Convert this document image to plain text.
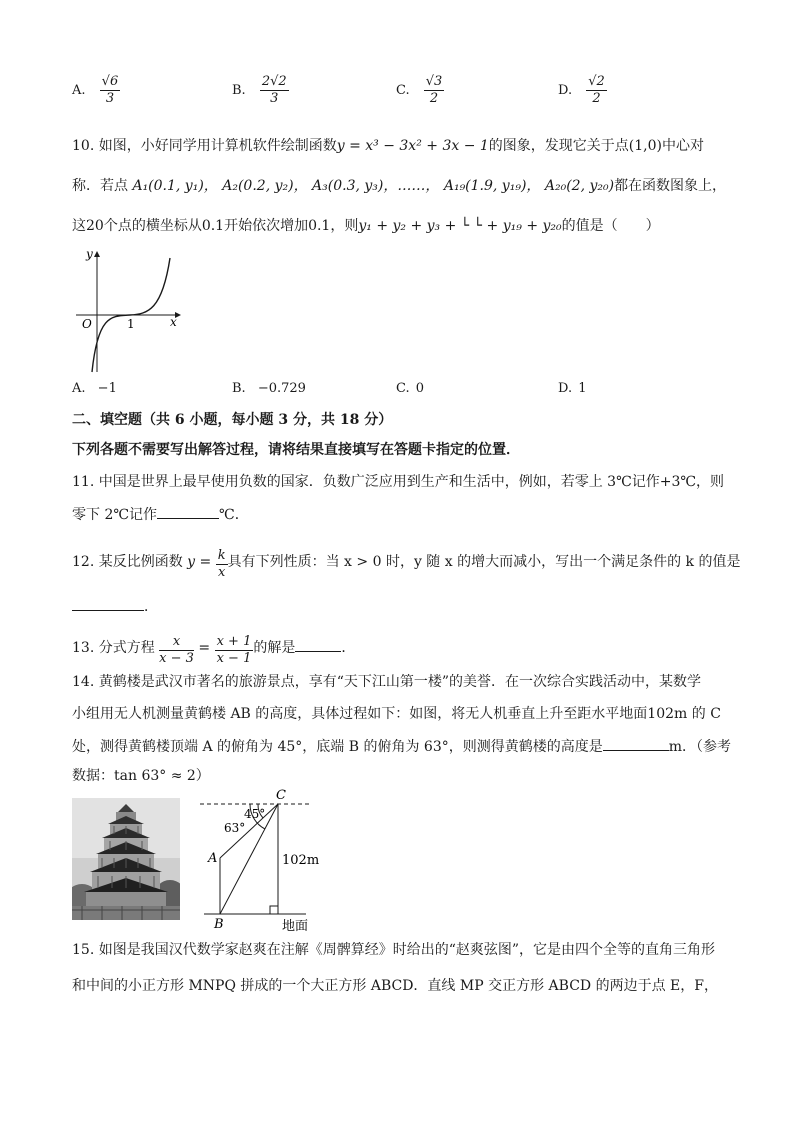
A. $\frac{√6}{3}$	B. $\frac{2√2}{3}$	C. $\frac{√3}{2}$	D. $\frac{√2}{2}$
10. 如图，小好同学用计算机软件绘制函数y = x³ − 3x² + 3x − 1的图象，发现它关于点(1,0)中心对
称．若点 A₁(0.1, y₁)， A₂(0.2, y₂)， A₃(0.3, y₃)，……， A₁₉(1.9, y₁₉)， A₂₀(2, y₂₀)都在函数图象上，
这20个点的横坐标从0.1开始依次增加0.1，则y₁ + y₂ + y₃ + └ └ + y₁₉ + y₂₀的值是（　　）
y
x
O	1
A. −1	B. −0.729	C. 0	D. 1
二、填空题（共 6 小题，每小题 3 分，共 18 分）
下列各题不需要写出解答过程，请将结果直接填写在答题卡指定的位置．
11. 中国是世界上最早使用负数的国家．负数广泛应用到生产和生活中，例如，若零上 3℃记作+3℃，则
零下 2℃记作	℃．
12. 某反比例函数 $y = \frac{k}{x}$ 具有下列性质：当 x > 0 时，y 随 x 的增大而减小，写出一个满足条件的 k 的值是
．
13. 分式方程 $\frac{x}{x - 3} = \frac{x + 1}{x - 1}$ 的解是	．
14. 黄鹤楼是武汉市著名的旅游景点，享有“天下江山第一楼”的美誉．在一次综合实践活动中，某数学
小组用无人机测量黄鹤楼 AB 的高度，具体过程如下：如图，将无人机垂直上升至距水平地面102m 的 C
处，测得黄鹤楼顶端 A 的俯角为 45°，底端 B 的俯角为 63°，则测得黄鹤楼的高度是	m．（参考
数据：tan 63° ≈ 2）
C
A
B
45°
63°
102m
地面
15. 如图是我国汉代数学家赵爽在注解《周髀算经》时给出的“赵爽弦图”，它是由四个全等的直角三角形
和中间的小正方形 MNPQ 拼成的一个大正方形 ABCD．直线 MP 交正方形 ABCD 的两边于点 E，F，
